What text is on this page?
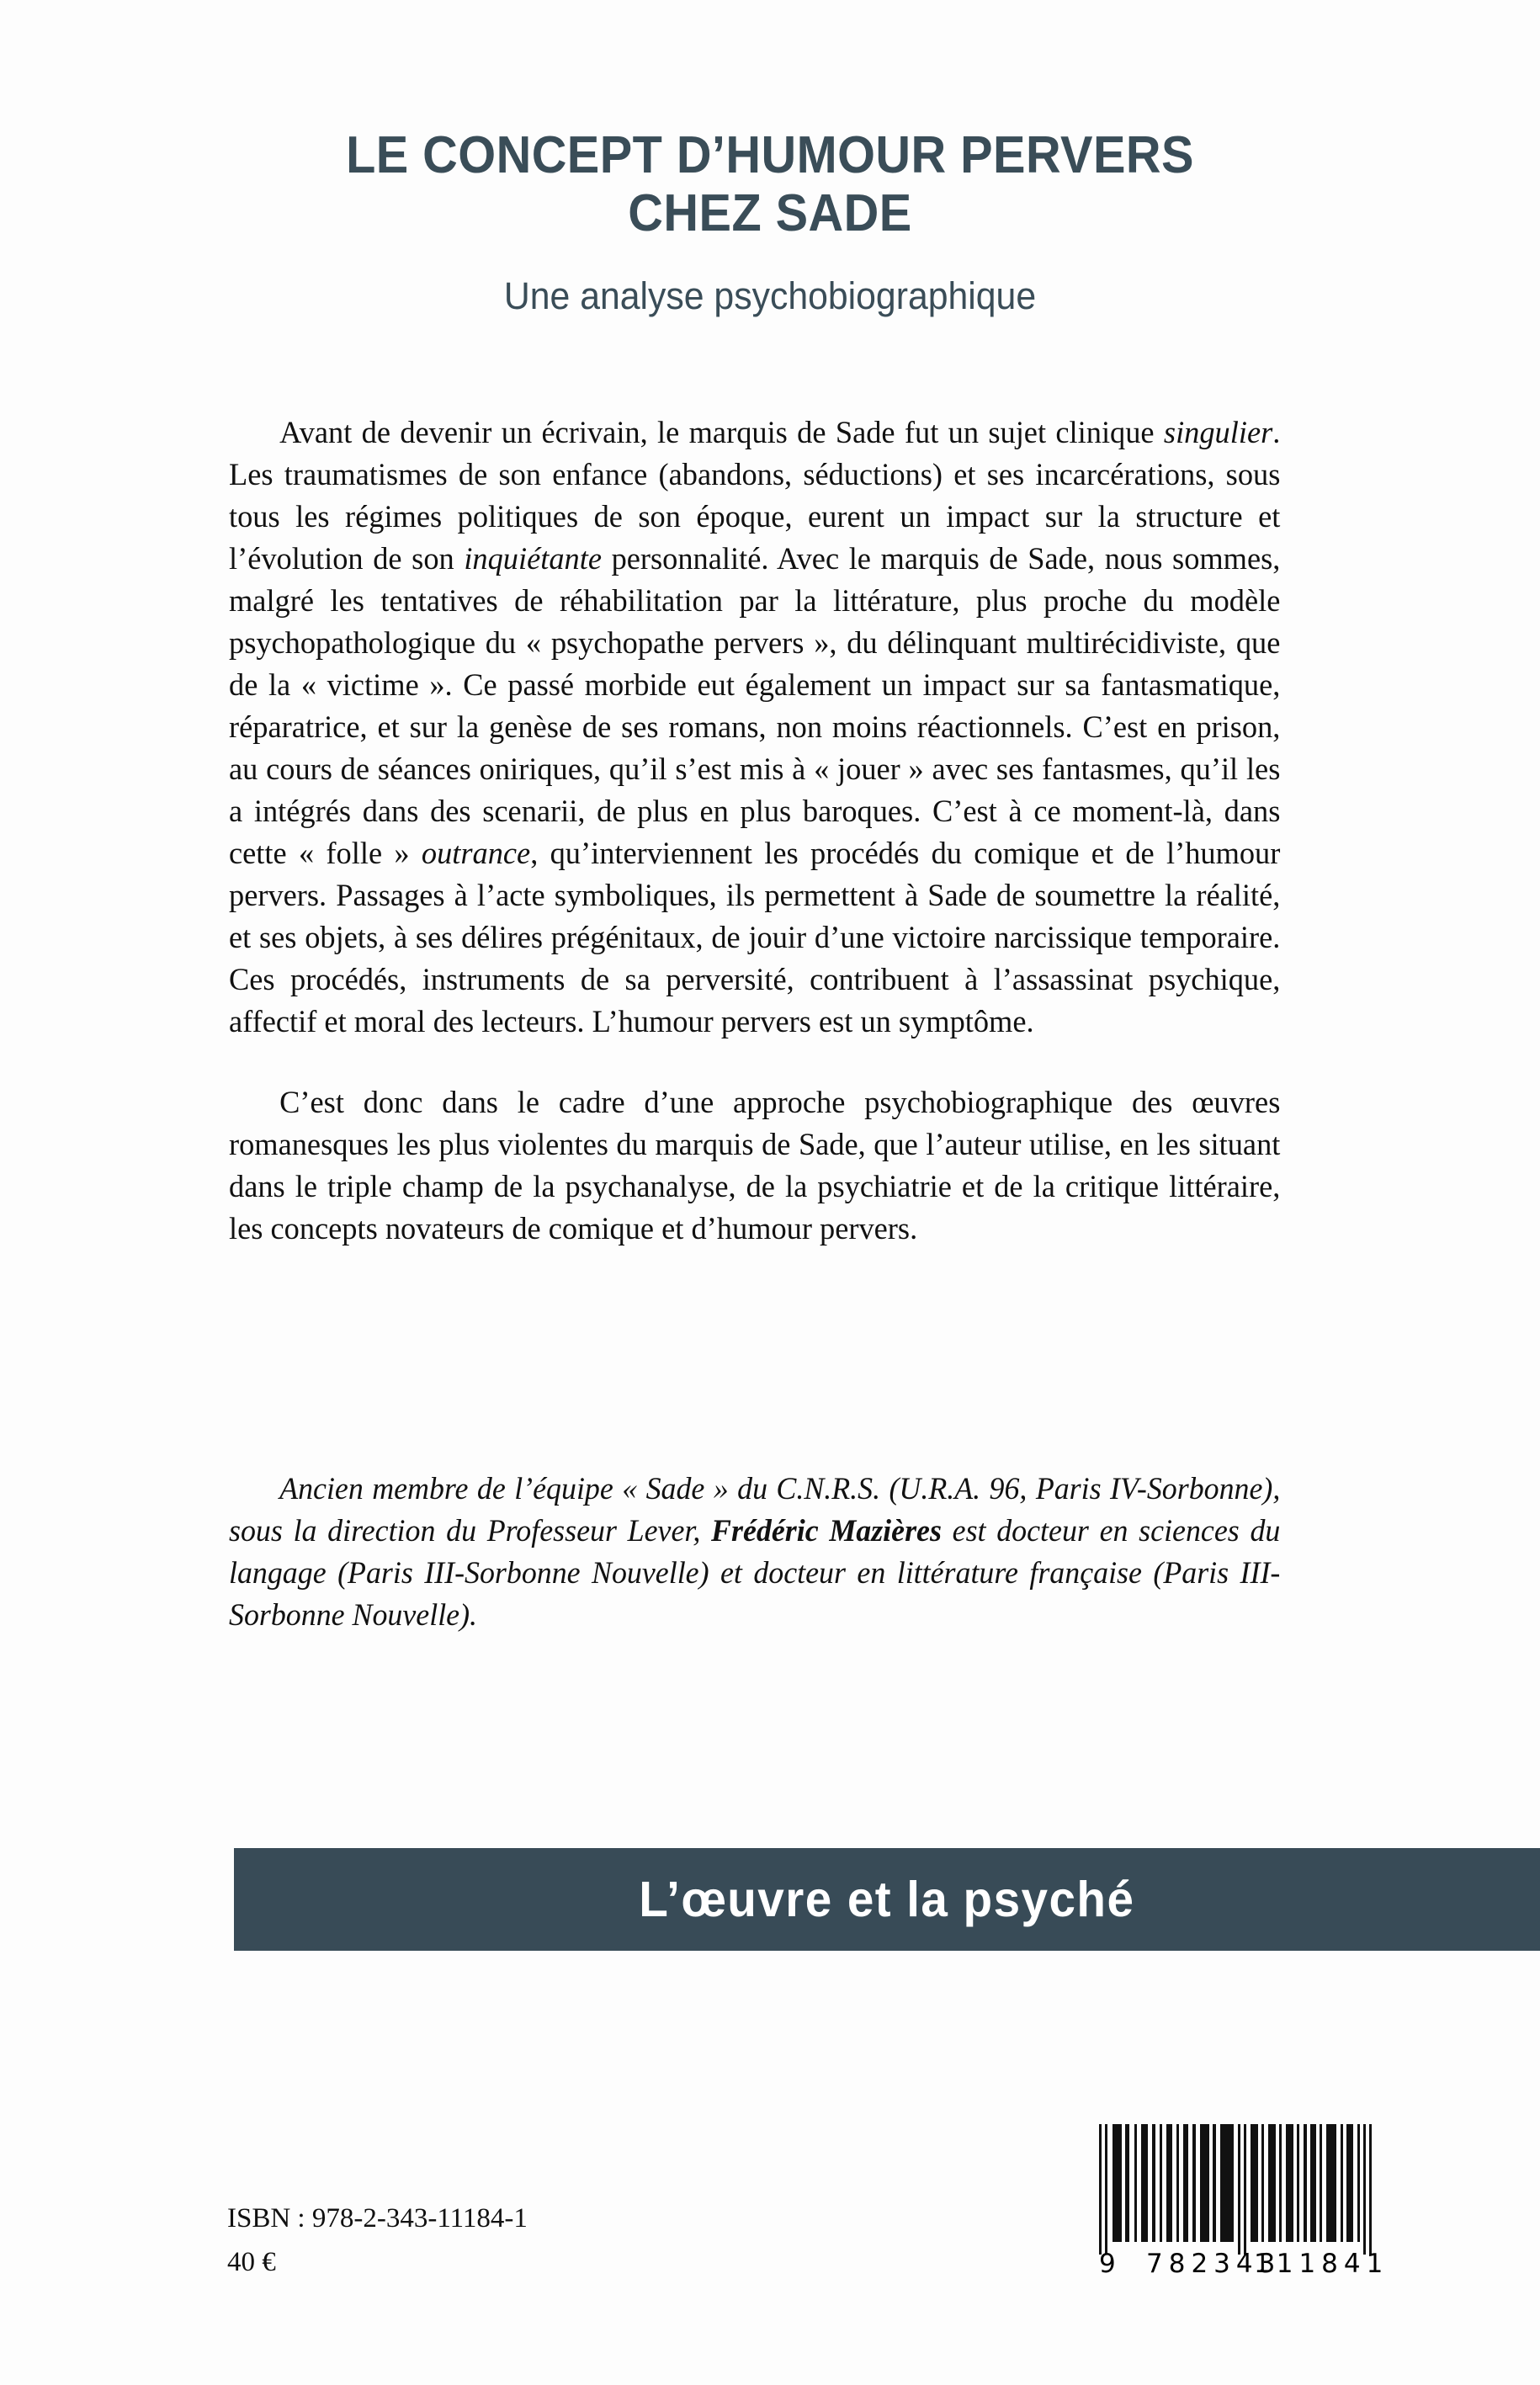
LE CONCEPT D’HUMOUR PERVERS
CHEZ SADE
Une analyse psychobiographique

Avant de devenir un écrivain, le marquis de Sade fut un sujet clinique singulier. Les traumatismes de son enfance (abandons, séductions) et ses incarcérations, sous tous les régimes politiques de son époque, eurent un impact sur la structure et l’évolution de son inquiétante personnalité. Avec le marquis de Sade, nous sommes, malgré les tentatives de réhabilitation par la littérature, plus proche du modèle psychopathologique du « psychopathe pervers », du délinquant multirécidiviste, que de la « victime ». Ce passé morbide eut également un impact sur sa fantasmatique, réparatrice, et sur la genèse de ses romans, non moins réactionnels. C’est en prison, au cours de séances oniriques, qu’il s’est mis à « jouer » avec ses fantasmes, qu’il les a intégrés dans des scenarii, de plus en plus baroques. C’est à ce moment-là, dans cette « folle » outrance, qu’interviennent les procédés du comique et de l’humour pervers. Passages à l’acte symboliques, ils permettent à Sade de soumettre la réalité, et ses objets, à ses délires prégénitaux, de jouir d’une victoire narcissique temporaire. Ces procédés, instruments de sa perversité, contribuent à l’assassinat psychique, affectif et moral des lecteurs. L’humour pervers est un symptôme.

C’est donc dans le cadre d’une approche psychobiographique des œuvres romanesques les plus violentes du marquis de Sade, que l’auteur utilise, en les situant dans le triple champ de la psychanalyse, de la psychiatrie et de la critique littéraire, les concepts novateurs de comique et d’humour pervers.

Ancien membre de l’équipe « Sade » du C.N.R.S. (U.R.A. 96, Paris IV-Sorbonne), sous la direction du Professeur Lever, Frédéric Mazières est docteur en sciences du langage (Paris III-Sorbonne Nouvelle) et docteur en littérature française (Paris III-Sorbonne Nouvelle).
L’œuvre et la psyché
ISBN : 978-2-343-11184-1
40 €	9 782343
111841
